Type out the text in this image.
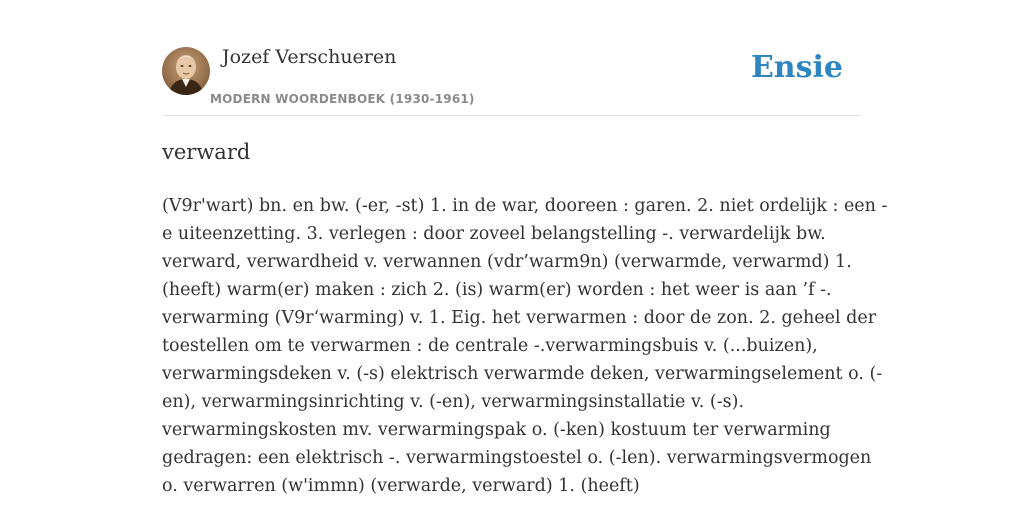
Jozef Verschueren
MODERN WOORDENBOEK (1930-1961)
Ensie
verward
(V9r'wart) bn. en bw. (-er, -st) 1. in de war, dooreen : garen. 2. niet ordelijk : een -
e uiteenzetting. 3. verlegen : door zoveel belangstelling -. verwardelijk bw.
verward, verwardheid v. verwannen (vdr’warm9n) (verwarmde, verwarmd) 1.
(heeft) warm(er) maken : zich 2. (is) warm(er) worden : het weer is aan ’f -.
verwarming (V9r‘warming) v. 1. Eig. het verwarmen : door de zon. 2. geheel der
toestellen om te verwarmen : de centrale -.verwarmingsbuis v. (...buizen),
verwarmingsdeken v. (-s) elektrisch verwarmde deken, verwarmingselement o. (-
en), verwarmingsinrichting v. (-en), verwarmingsinstallatie v. (-s).
verwarmingskosten mv. verwarmingspak o. (-ken) kostuum ter verwarming
gedragen: een elektrisch -. verwarmingstoestel o. (-len). verwarmingsvermogen
o. verwarren (w'immn) (verwarde, verward) 1. (heeft)
